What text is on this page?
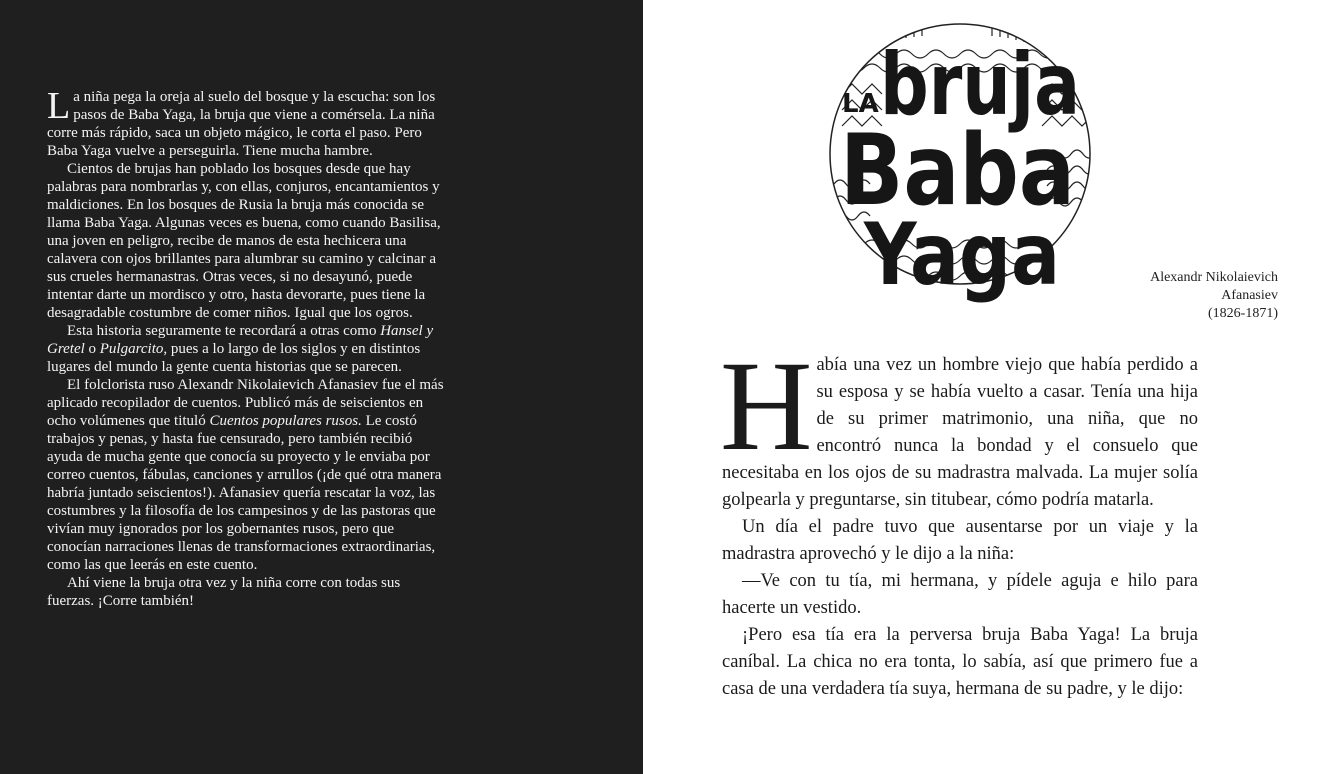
La niña pega la oreja al suelo del bosque y la escucha: son los pasos de Baba Yaga, la bruja que viene a comérsela. La niña corre más rápido, saca un objeto mágico, le corta el paso. Pero Baba Yaga vuelve a perseguirla. Tiene mucha hambre.

Cientos de brujas han poblado los bosques desde que hay palabras para nombrarlas y, con ellas, conjuros, encantamientos y maldiciones. En los bosques de Rusia la bruja más conocida se llama Baba Yaga. Algunas veces es buena, como cuando Basilisa, una joven en peligro, recibe de manos de esta hechicera una calavera con ojos brillantes para alumbrar su camino y calcinar a sus crueles hermanastras. Otras veces, si no desayunó, puede intentar darte un mordisco y otro, hasta devorarte, pues tiene la desagradable costumbre de comer niños. Igual que los ogros.

Esta historia seguramente te recordará a otras como Hansel y Gretel o Pulgarcito, pues a lo largo de los siglos y en distintos lugares del mundo la gente cuenta historias que se parecen.

El folclorista ruso Alexandr Nikolaievich Afanasiev fue el más aplicado recopilador de cuentos. Publicó más de seiscientos en ocho volúmenes que tituló Cuentos populares rusos. Le costó trabajos y penas, y hasta fue censurado, pero también recibió ayuda de mucha gente que conocía su proyecto y le enviaba por correo cuentos, fábulas, canciones y arrullos (¡de qué otra manera habría juntado seiscientos!). Afanasiev quería rescatar la voz, las costumbres y la filosofía de los campesinos y de las pastoras que vivían muy ignorados por los gobernantes rusos, pero que conocían narraciones llenas de transformaciones extraordinarias, como las que leerás en este cuento.

Ahí viene la bruja otra vez y la niña corre con todas sus fuerzas. ¡Corre también!

LA bruja
Baba
Yaga	Alexandr Nikolaievich
Afanasiev
(1826-1871)

Había una vez un hombre viejo que había perdido a su esposa y se había vuelto a casar. Tenía una hija de su primer matrimonio, una niña, que no encontró nunca la bondad y el consuelo que necesitaba en los ojos de su madrastra malvada. La mujer solía golpearla y preguntarse, sin titubear, cómo podría matarla.

Un día el padre tuvo que ausentarse por un viaje y la madrastra aprovechó y le dijo a la niña:

—Ve con tu tía, mi hermana, y pídele aguja e hilo para hacerte un vestido.

¡Pero esa tía era la perversa bruja Baba Yaga! La bruja caníbal. La chica no era tonta, lo sabía, así que primero fue a casa de una verdadera tía suya, hermana de su padre, y le dijo:
